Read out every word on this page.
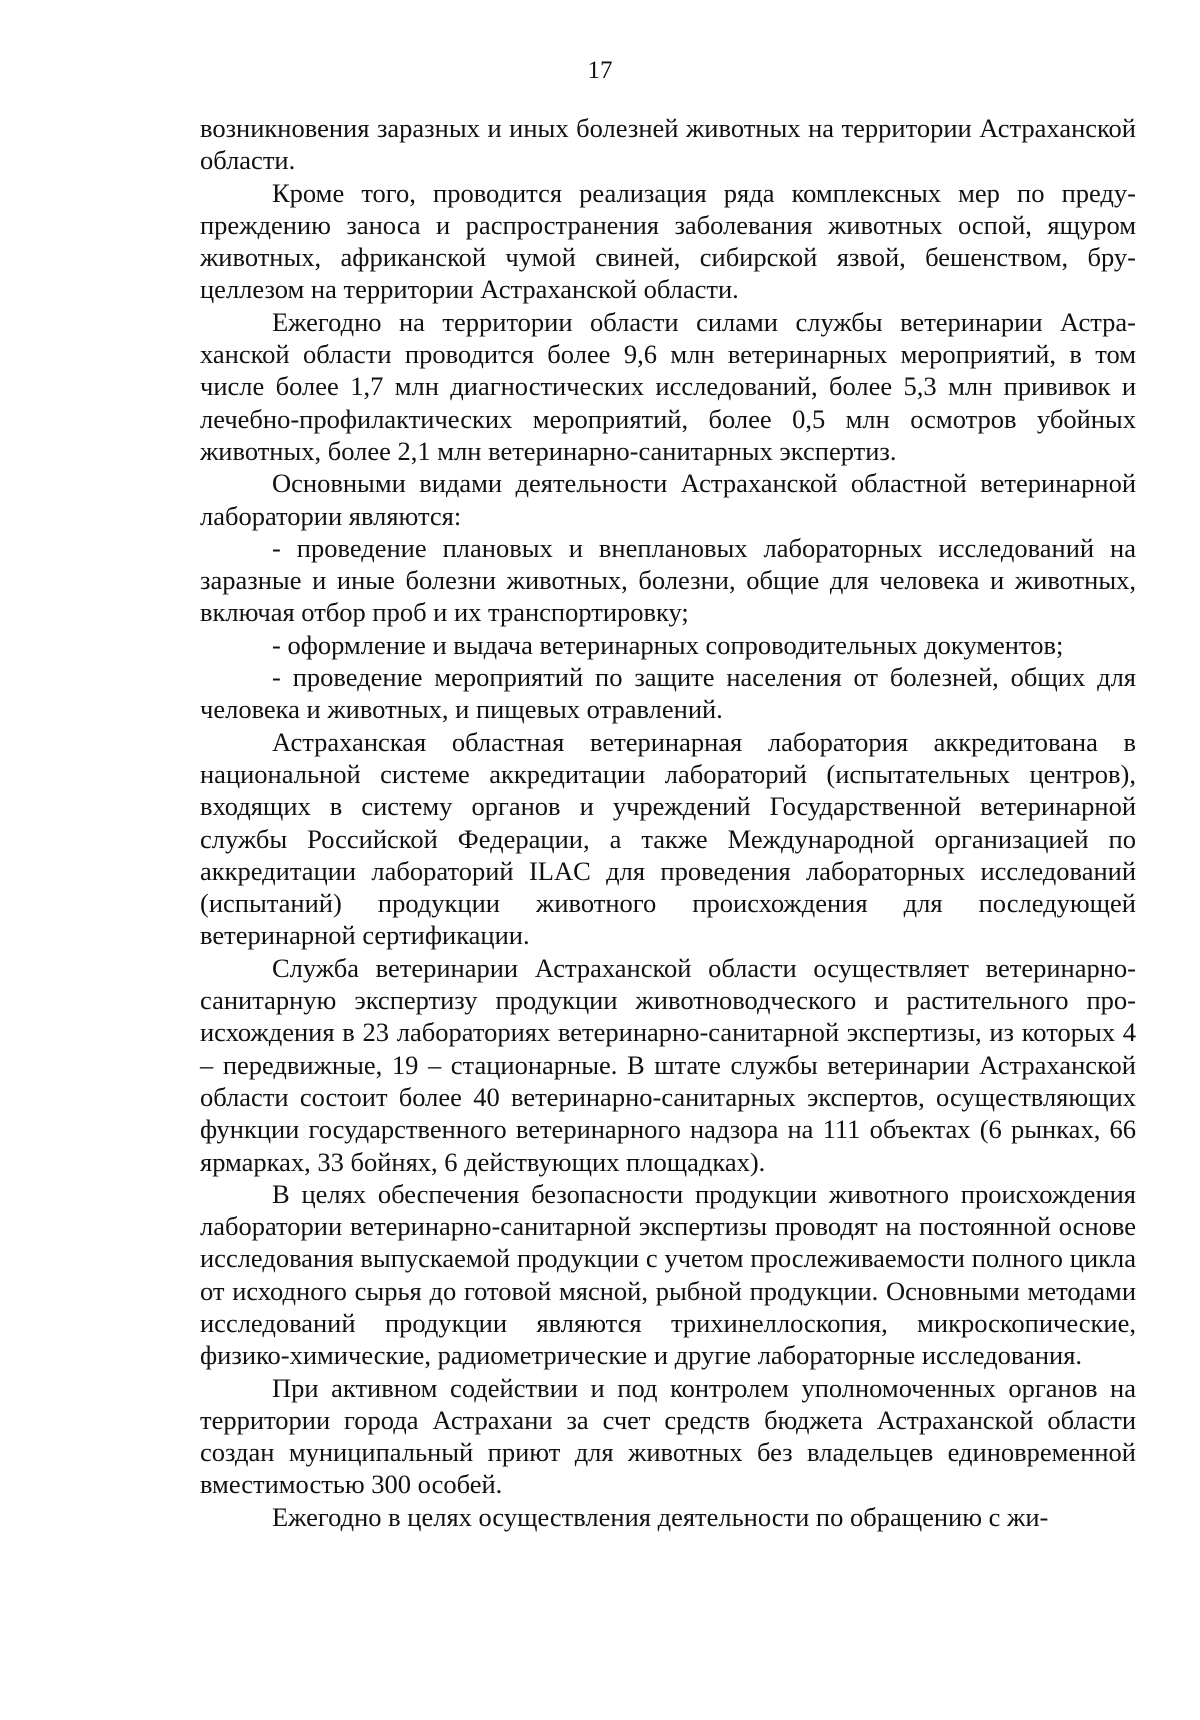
17

возникновения заразных и иных болезней животных на территории Астраханской области.

Кроме того, проводится реализация ряда комплексных мер по предупреждению заноса и распространения заболевания животных оспой, ящуром животных, африканской чумой свиней, сибирской язвой, бешенством, бруцеллезом на территории Астраханской области.

Ежегодно на территории области силами службы ветеринарии Астраханской области проводится более 9,6 млн ветеринарных мероприятий, в том числе более 1,7 млн диагностических исследований, более 5,3 млн прививок и лечебно-профилактических мероприятий, более 0,5 млн осмотров убойных животных, более 2,1 млн ветеринарно-санитарных экспертиз.

Основными видами деятельности Астраханской областной ветеринарной лаборатории являются:

- проведение плановых и внеплановых лабораторных исследований на заразные и иные болезни животных, болезни, общие для человека и животных, включая отбор проб и их транспортировку;

- оформление и выдача ветеринарных сопроводительных документов;

- проведение мероприятий по защите населения от болезней, общих для человека и животных, и пищевых отравлений.

Астраханская областная ветеринарная лаборатория аккредитована в национальной системе аккредитации лабораторий (испытательных центров), входящих в систему органов и учреждений Государственной ветеринарной службы Российской Федерации, а также Международной организацией по аккредитации лабораторий ILAC для проведения лабораторных исследований (испытаний) продукции животного происхождения для последующей ветеринарной сертификации.

Служба ветеринарии Астраханской области осуществляет ветеринарно-санитарную экспертизу продукции животноводческого и растительного происхождения в 23 лабораториях ветеринарно-санитарной экспертизы, из которых 4 – передвижные, 19 – стационарные. В штате службы ветеринарии Астраханской области состоит более 40 ветеринарно-санитарных экспертов, осуществляющих функции государственного ветеринарного надзора на 111 объектах (6 рынках, 66 ярмарках, 33 бойнях, 6 действующих площадках).

В целях обеспечения безопасности продукции животного происхождения лаборатории ветеринарно-санитарной экспертизы проводят на постоянной основе исследования выпускаемой продукции с учетом прослеживаемости полного цикла от исходного сырья до готовой мясной, рыбной продукции. Основными методами исследований продукции являются трихинеллоскопия, микроскопические, физико-химические, радиометрические и другие лабораторные исследования.

При активном содействии и под контролем уполномоченных органов на территории города Астрахани за счет средств бюджета Астраханской области создан муниципальный приют для животных без владельцев единовременной вместимостью 300 особей.

Ежегодно в целях осуществления деятельности по обращению с жи-
